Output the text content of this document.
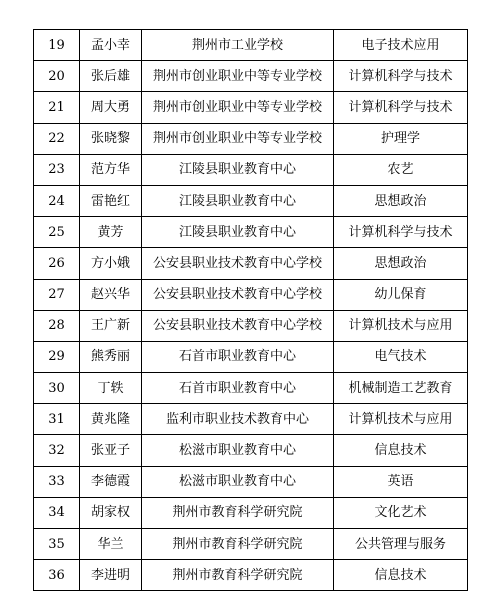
19	孟小幸	荆州市工业学校	电子技术应用
20	张后雄	荆州市创业职业中等专业学校	计算机科学与技术
21	周大勇	荆州市创业职业中等专业学校	计算机科学与技术
22	张晓黎	荆州市创业职业中等专业学校	护理学
23	范方华	江陵县职业教育中心	农艺
24	雷艳红	江陵县职业教育中心	思想政治
25	黄芳	江陵县职业教育中心	计算机科学与技术
26	方小娥	公安县职业技术教育中心学校	思想政治
27	赵兴华	公安县职业技术教育中心学校	幼儿保育
28	王广新	公安县职业技术教育中心学校	计算机技术与应用
29	熊秀丽	石首市职业教育中心	电气技术
30	丁轶	石首市职业教育中心	机械制造工艺教育
31	黄兆隆	监利市职业技术教育中心	计算机技术与应用
32	张亚子	松滋市职业教育中心	信息技术
33	李德霞	松滋市职业教育中心	英语
34	胡家权	荆州市教育科学研究院	文化艺术
35	华兰	荆州市教育科学研究院	公共管理与服务
36	李进明	荆州市教育科学研究院	信息技术
